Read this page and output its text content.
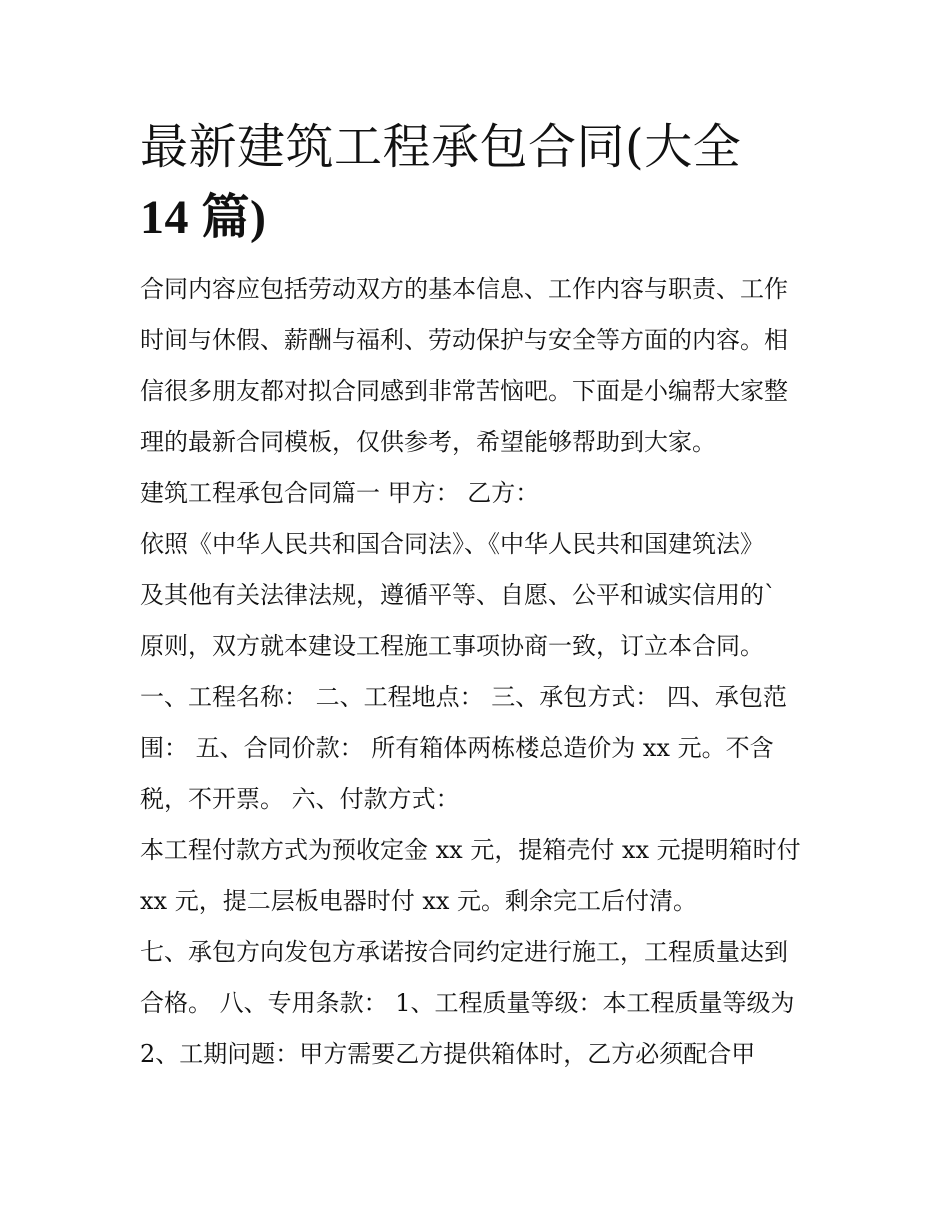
最新建筑工程承包合同(大全
14 篇)

合同内容应包括劳动双方的基本信息、工作内容与职责、工作
时间与休假、薪酬与福利、劳动保护与安全等方面的内容。相
信很多朋友都对拟合同感到非常苦恼吧。下面是小编帮大家整
理的最新合同模板，仅供参考，希望能够帮助到大家。

建筑工程承包合同篇一 甲方： 乙方：

依照《中华人民共和国合同法》、《中华人民共和国建筑法》
及其他有关法律法规，遵循平等、自愿、公平和诚实信用的`
原则，双方就本建设工程施工事项协商一致，订立本合同。

一、工程名称： 二、工程地点： 三、承包方式： 四、承包范
围： 五、合同价款： 所有箱体两栋楼总造价为 xx 元。不含
税，不开票。 六、付款方式：

本工程付款方式为预收定金 xx 元，提箱壳付 xx 元提明箱时付
xx 元，提二层板电器时付 xx 元。剩余完工后付清。

七、承包方向发包方承诺按合同约定进行施工，工程质量达到
合格。 八、专用条款： 1、工程质量等级：本工程质量等级为
2、工期问题：甲方需要乙方提供箱体时，乙方必须配合甲
